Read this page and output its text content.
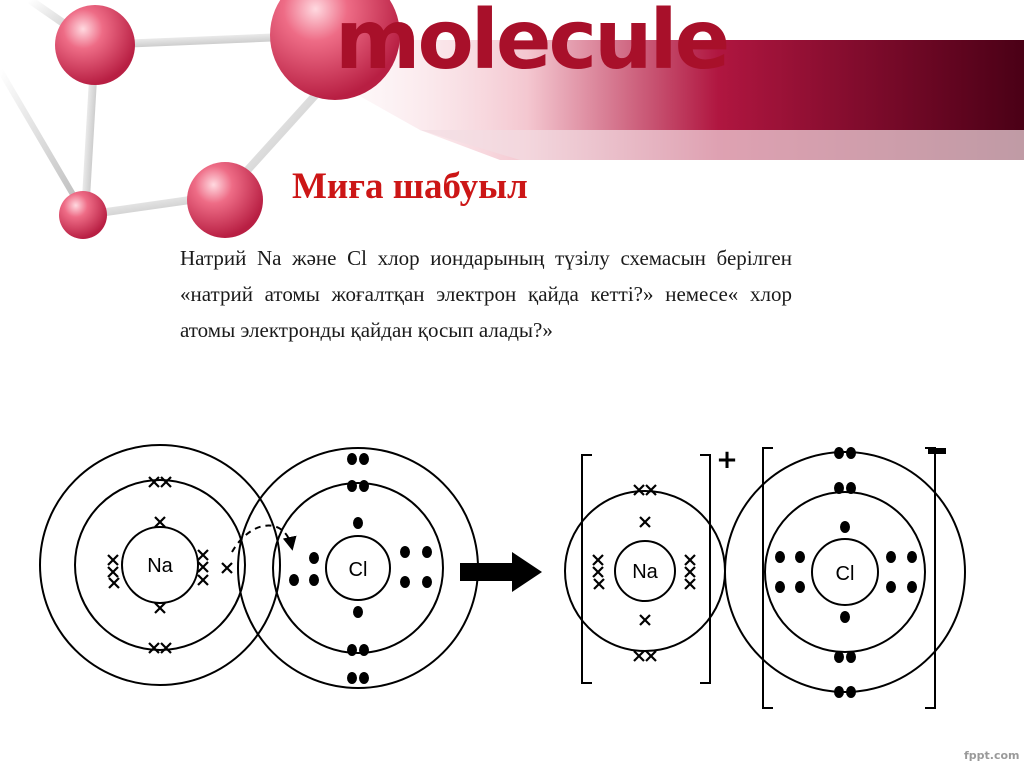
molecule
Миға шабуыл
Натрий Na және Cl хлор иондарының түзілу схемасын берілген «натрий атомы жоғалтқан электрон қайда кетті?» немесе« хлор атомы электронды қайдан қосып алады?»
Na	Cl
+
Na	Cl
fppt.com
